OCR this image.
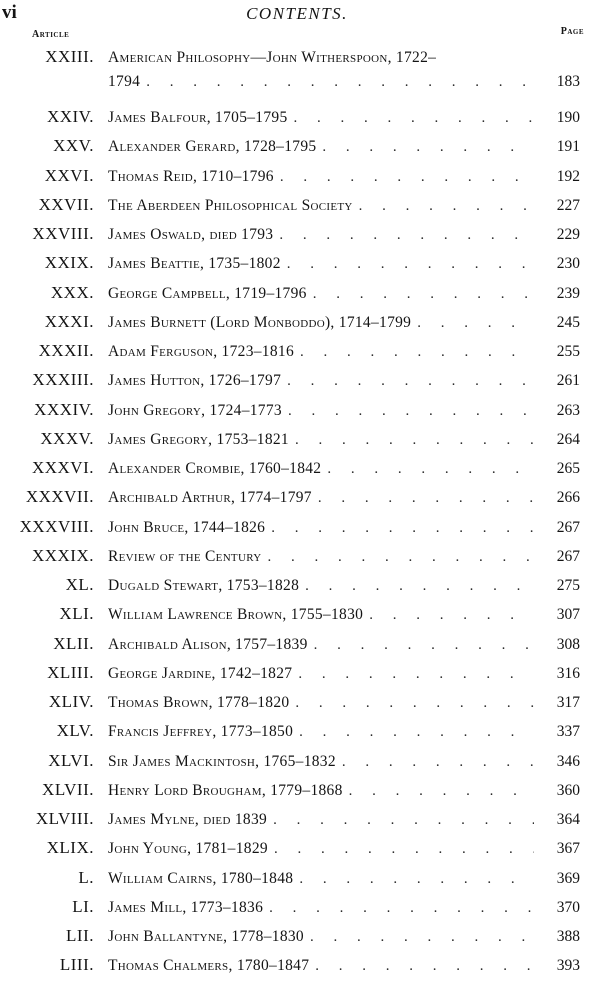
vi	CONTENTS.
Article	Page
XXIII. American Philosophy—John Witherspoon, 1722–
1794 . . .	183
XXIV. James Balfour, 1705–1795 . . .	190
XXV. Alexander Gerard, 1728–1795 . . .	191
XXVI. Thomas Reid, 1710–1796 . . .	192
XXVII. The Aberdeen Philosophical Society . . .	227
XXVIII. James Oswald, died 1793 . . .	229
XXIX. James Beattie, 1735–1802 . . .	230
XXX. George Campbell, 1719–1796 . . .	239
XXXI. James Burnett (Lord Monboddo), 1714–1799 . . .	245
XXXII. Adam Ferguson, 1723–1816 . . .	255
XXXIII. James Hutton, 1726–1797 . . .	261
XXXIV. John Gregory, 1724–1773 . . .	263
XXXV. James Gregory, 1753–1821 . . .	264
XXXVI. Alexander Crombie, 1760–1842 . . .	265
XXXVII. Archibald Arthur, 1774–1797 . . .	266
XXXVIII. John Bruce, 1744–1826 . . .	267
XXXIX. Review of the Century . . .	267
XL. Dugald Stewart, 1753–1828 . . .	275
XLI. William Lawrence Brown, 1755–1830 . . .	307
XLII. Archibald Alison, 1757–1839 . . .	308
XLIII. George Jardine, 1742–1827 . . .	316
XLIV. Thomas Brown, 1778–1820 . . .	317
XLV. Francis Jeffrey, 1773–1850 . . .	337
XLVI. Sir James Mackintosh, 1765–1832 . . .	346
XLVII. Henry Lord Brougham, 1779–1868 . . .	360
XLVIII. James Mylne, died 1839 . . .	364
XLIX. John Young, 1781–1829 . . .	367
L. William Cairns, 1780–1848 . . .	369
LI. James Mill, 1773–1836 . . .	370
LII. John Ballantyne, 1778–1830 . . .	388
LIII. Thomas Chalmers, 1780–1847 . . .	393
